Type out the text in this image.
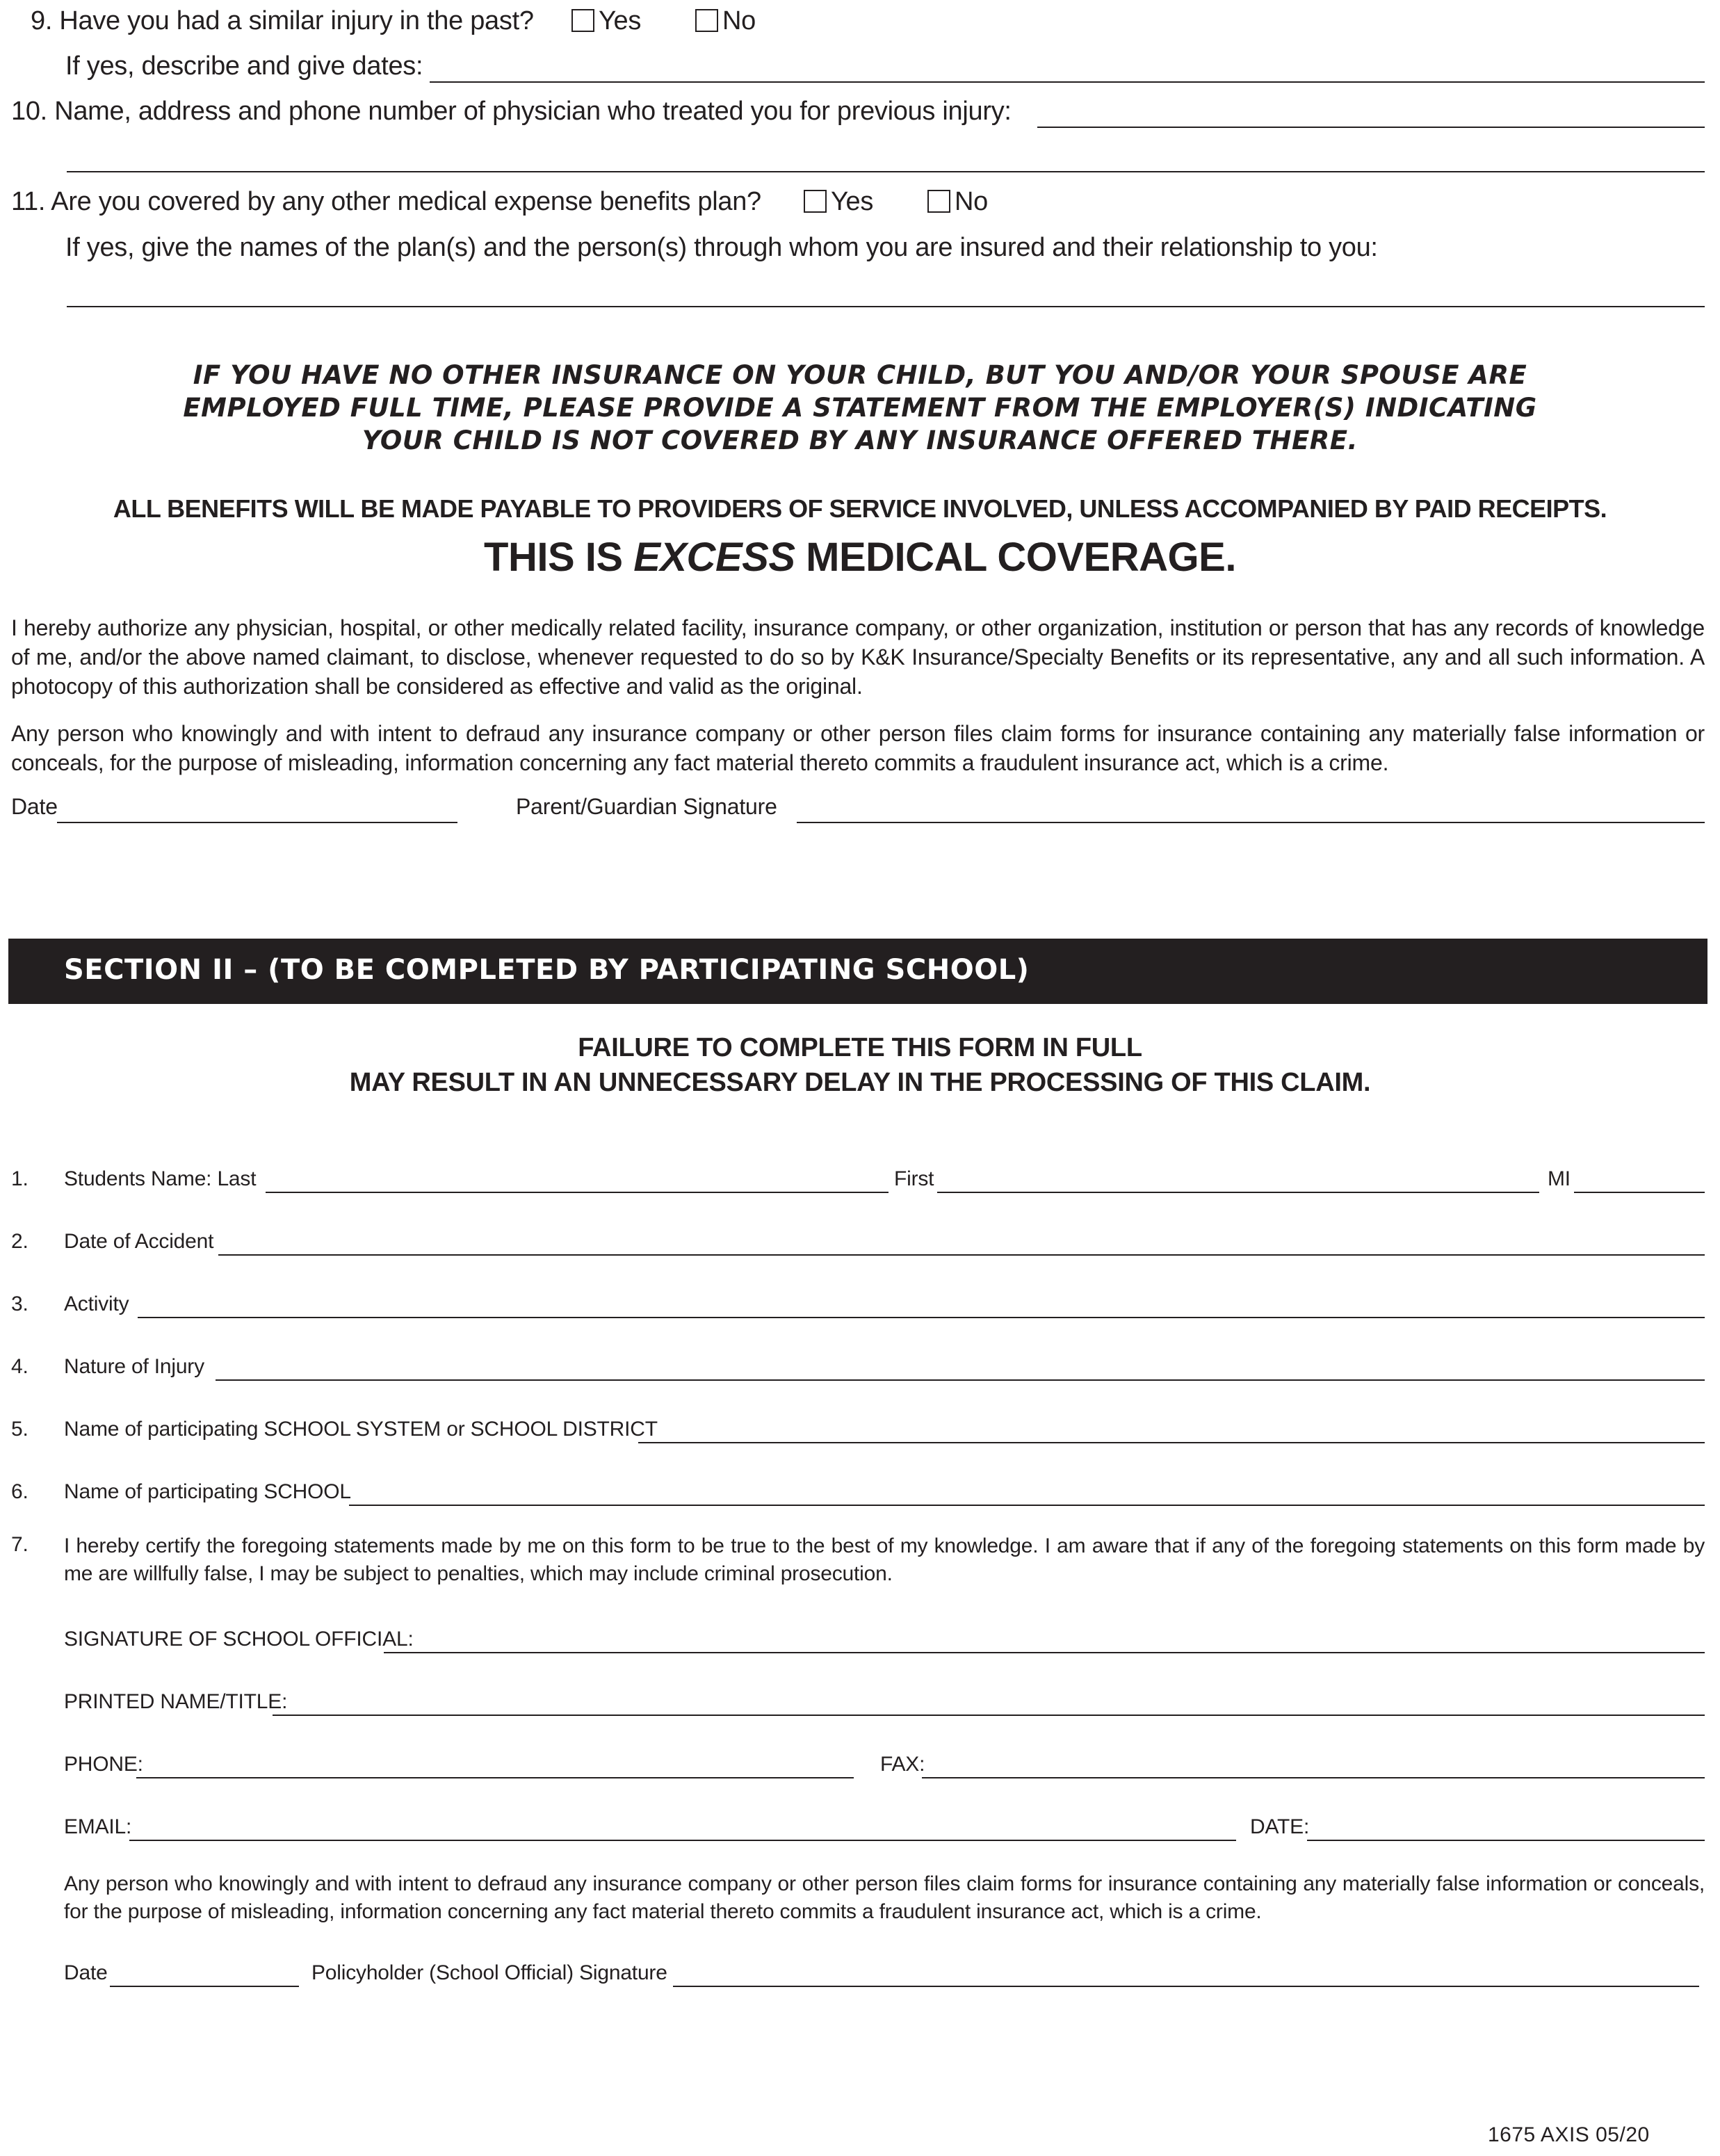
9. Have you had a similar injury in the past?	Yes	No
If yes, describe and give dates:
10. Name, address and phone number of physician who treated you for previous injury:
11. Are you covered by any other medical expense benefits plan?	Yes	No
If yes, give the names of the plan(s) and the person(s) through whom you are insured and their relationship to you:
IF YOU HAVE NO OTHER INSURANCE ON YOUR CHILD, BUT YOU AND/OR YOUR SPOUSE ARE
EMPLOYED FULL TIME, PLEASE PROVIDE A STATEMENT FROM THE EMPLOYER(S) INDICATING
YOUR CHILD IS NOT COVERED BY ANY INSURANCE OFFERED THERE.
ALL BENEFITS WILL BE MADE PAYABLE TO PROVIDERS OF SERVICE INVOLVED, UNLESS ACCOMPANIED BY PAID RECEIPTS.
THIS IS EXCESS MEDICAL COVERAGE.
I hereby authorize any physician, hospital, or other medically related facility, insurance company, or other organization, institution or person that has any records of knowledge of me, and/or the above named claimant, to disclose, whenever requested to do so by K&K Insurance/Specialty Benefits or its representative, any and all such information. A photocopy of this authorization shall be considered as effective and valid as the original.
Any person who knowingly and with intent to defraud any insurance company or other person files claim forms for insurance containing any materially false information or conceals, for the purpose of misleading, information concerning any fact material thereto commits a fraudulent insurance act, which is a crime.
Date	Parent/Guardian Signature
SECTION II – (TO BE COMPLETED BY PARTICIPATING SCHOOL)
FAILURE TO COMPLETE THIS FORM IN FULL
MAY RESULT IN AN UNNECESSARY DELAY IN THE PROCESSING OF THIS CLAIM.
1. Students Name: Last	First	MI
2. Date of Accident
3. Activity
4. Nature of Injury
5. Name of participating SCHOOL SYSTEM or SCHOOL DISTRICT
6. Name of participating SCHOOL
7. I hereby certify the foregoing statements made by me on this form to be true to the best of my knowledge. I am aware that if any of the foregoing statements on this form made by me are willfully false, I may be subject to penalties, which may include criminal prosecution.
SIGNATURE OF SCHOOL OFFICIAL:
PRINTED NAME/TITLE:
PHONE:	FAX:
EMAIL:	DATE:
Any person who knowingly and with intent to defraud any insurance company or other person files claim forms for insurance containing any materially false information or conceals, for the purpose of misleading, information concerning any fact material thereto commits a fraudulent insurance act, which is a crime.
Date	Policyholder (School Official) Signature
1675 AXIS 05/20
